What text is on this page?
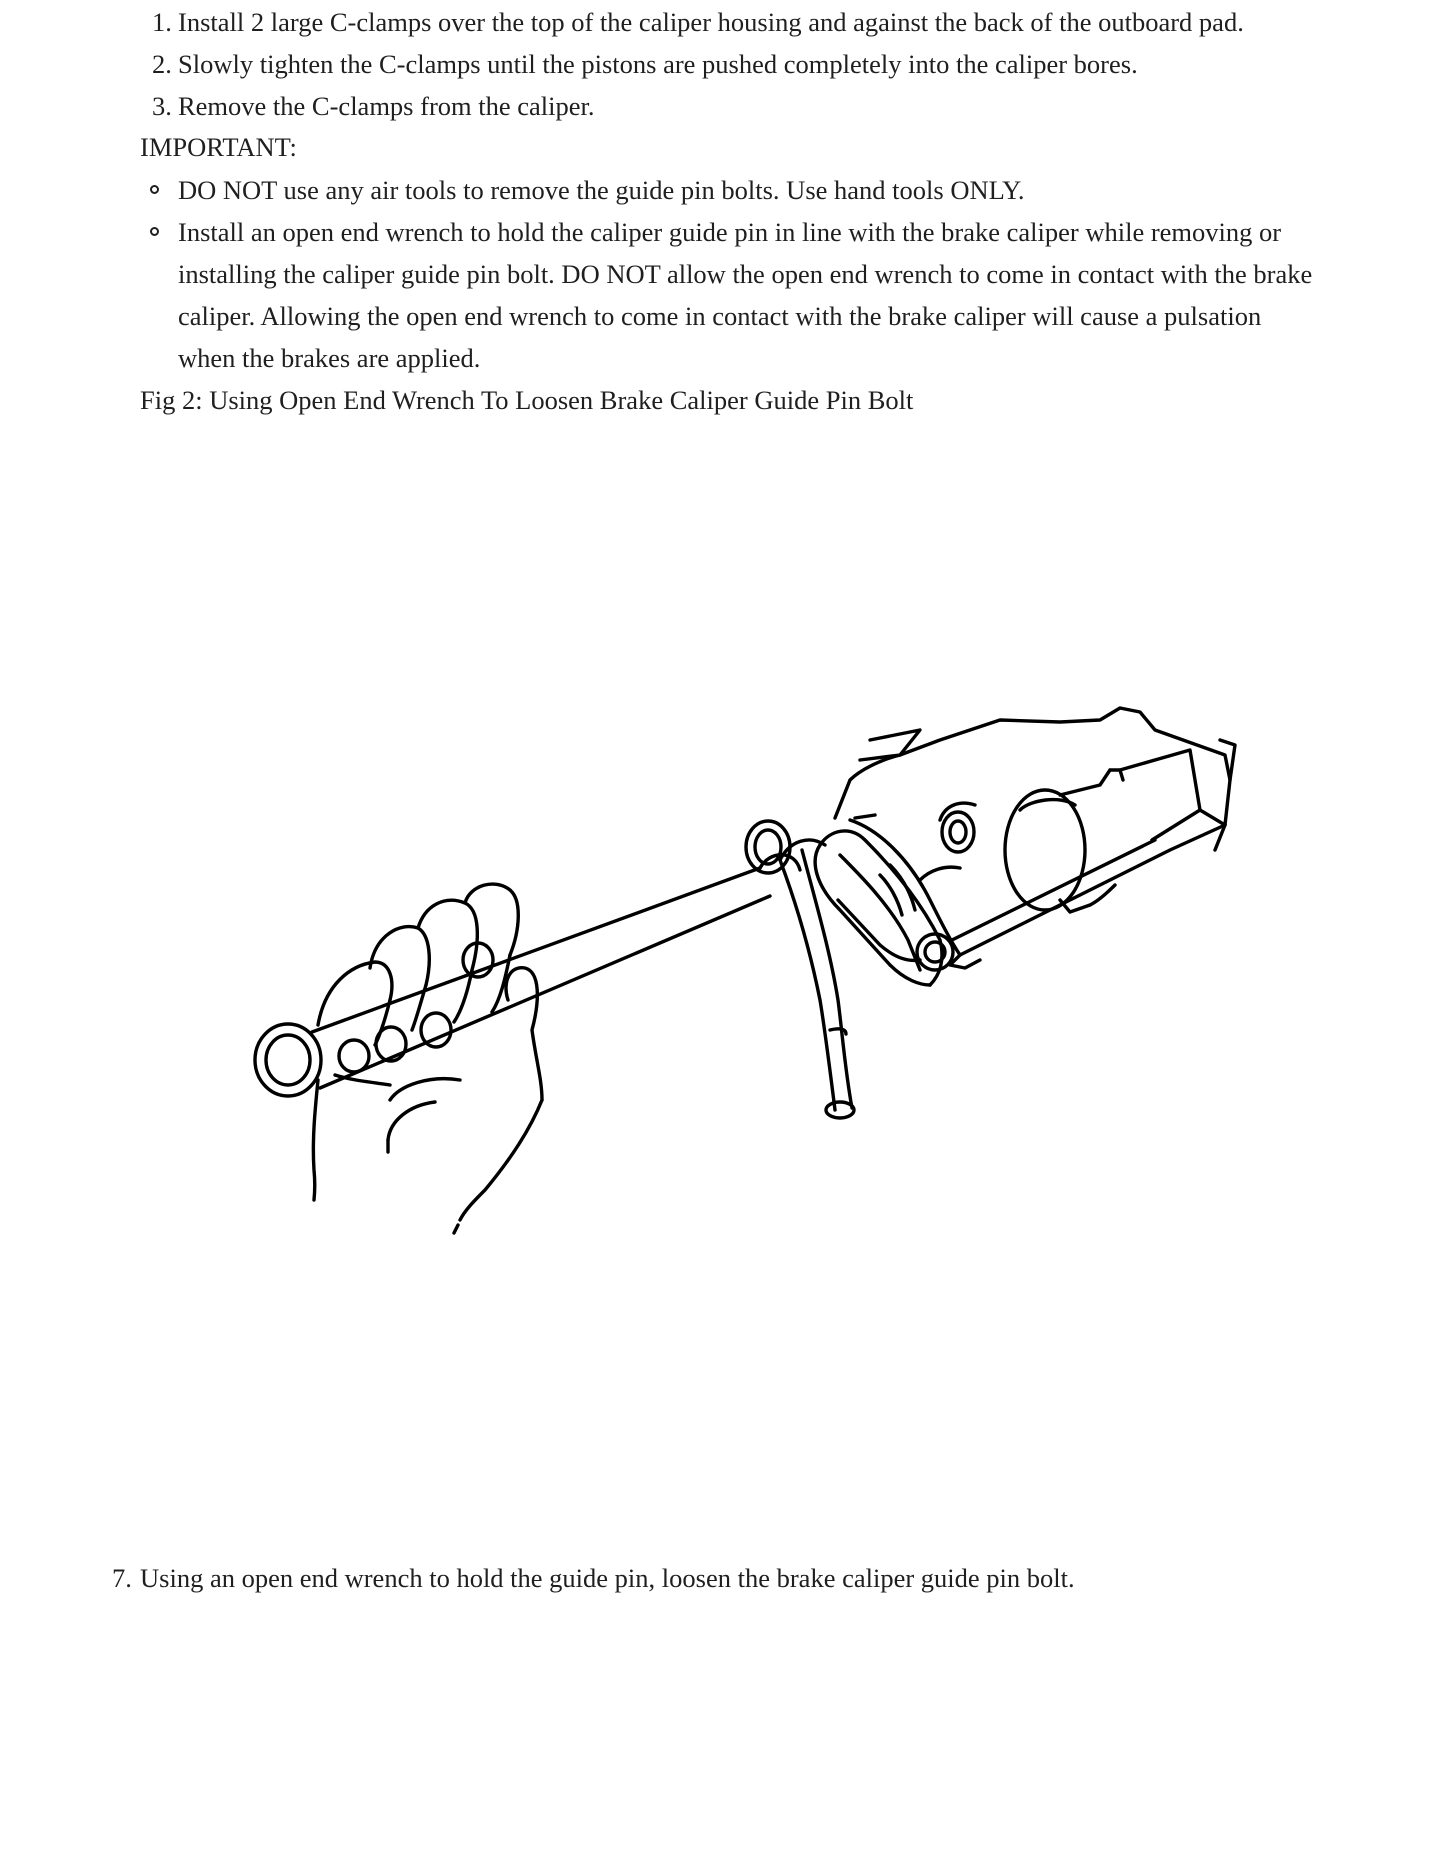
1. Install 2 large C-clamps over the top of the caliper housing and against the back of the outboard pad.
2. Slowly tighten the C-clamps until the pistons are pushed completely into the caliper bores.
3. Remove the C-clamps from the caliper.
IMPORTANT:
DO NOT use any air tools to remove the guide pin bolts. Use hand tools ONLY.
Install an open end wrench to hold the caliper guide pin in line with the brake caliper while removing or
installing the caliper guide pin bolt. DO NOT allow the open end wrench to come in contact with the brake
caliper. Allowing the open end wrench to come in contact with the brake caliper will cause a pulsation
when the brakes are applied.
Fig 2: Using Open End Wrench To Loosen Brake Caliper Guide Pin Bolt
7. Using an open end wrench to hold the guide pin, loosen the brake caliper guide pin bolt.
